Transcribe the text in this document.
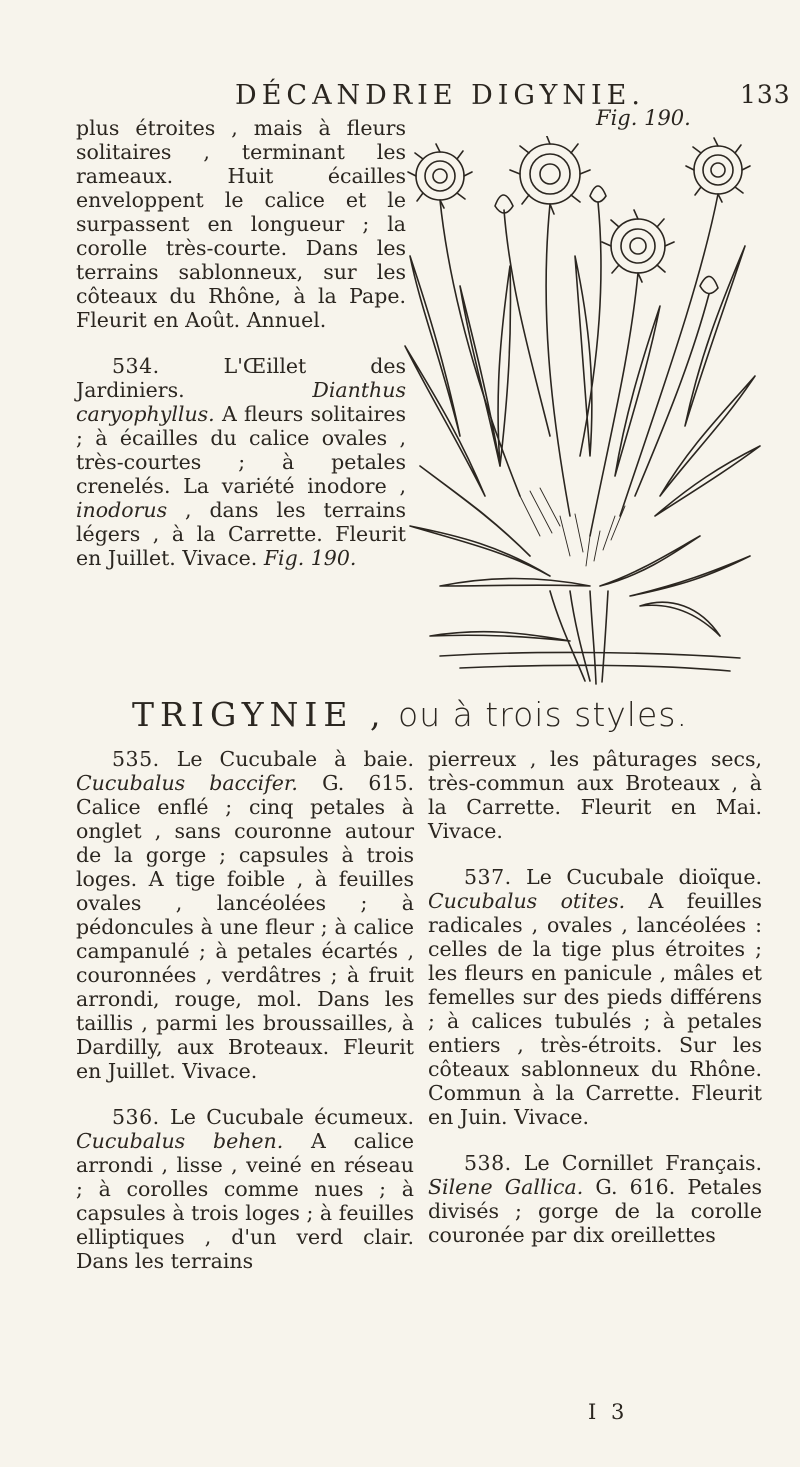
DÉCANDRIE DIGYNIE.	133

plus étroites , mais à fleurs solitaires , terminant les rameaux. Huit écailles enveloppent le calice et le surpassent en longueur ; la corolle très-courte. Dans les terrains sablonneux, sur les côteaux du Rhône, à la Pape. Fleurit en Août. Annuel.

534.	L'Œillet des Jardiniers.	Dianthus caryophyllus. A fleurs solitaires ; à écailles du calice ovales , très-courtes ; à petales crenelés. La variété inodore , inodorus , dans les terrains légers , à la Carrette. Fleurit en Juillet. Vivace. Fig. 190.

Fig. 190.
TRIGYNIE , ou à trois styles.

535. Le Cucubale à baie. Cucubalus baccifer. G. 615. Calice enflé ; cinq petales à onglet , sans couronne autour de la gorge ; capsules à trois loges. A tige foible , à feuilles ovales , lancéolées ; à pédoncules à une fleur ; à calice campanulé ; à petales écartés , couronnées , verdâtres ; à fruit arrondi, rouge, mol. Dans les taillis , parmi les broussailles, à Dardilly, aux Broteaux. Fleurit en Juillet. Vivace.

536. Le Cucubale écumeux. Cucubalus behen. A calice arrondi , lisse , veiné en réseau ; à corolles comme nues ; à capsules à trois loges ; à feuilles elliptiques , d'un verd clair. Dans les terrains

pierreux , les pâturages secs, très-commun aux Broteaux , à la Carrette. Fleurit en Mai. Vivace.

537. Le Cucubale dioïque. Cucubalus otites. A feuilles radicales , ovales , lancéolées : celles de la tige plus étroites ; les fleurs en panicule , mâles et femelles sur des pieds différens ; à calices tubulés ; à petales entiers , très-étroits. Sur les côteaux sablonneux du Rhône. Commun à la Carrette. Fleurit en Juin. Vivace.

538. Le Cornillet Français. Silene Gallica. G. 616. Petales divisés ; gorge de la corolle couronée par dix oreillettes

I 3
